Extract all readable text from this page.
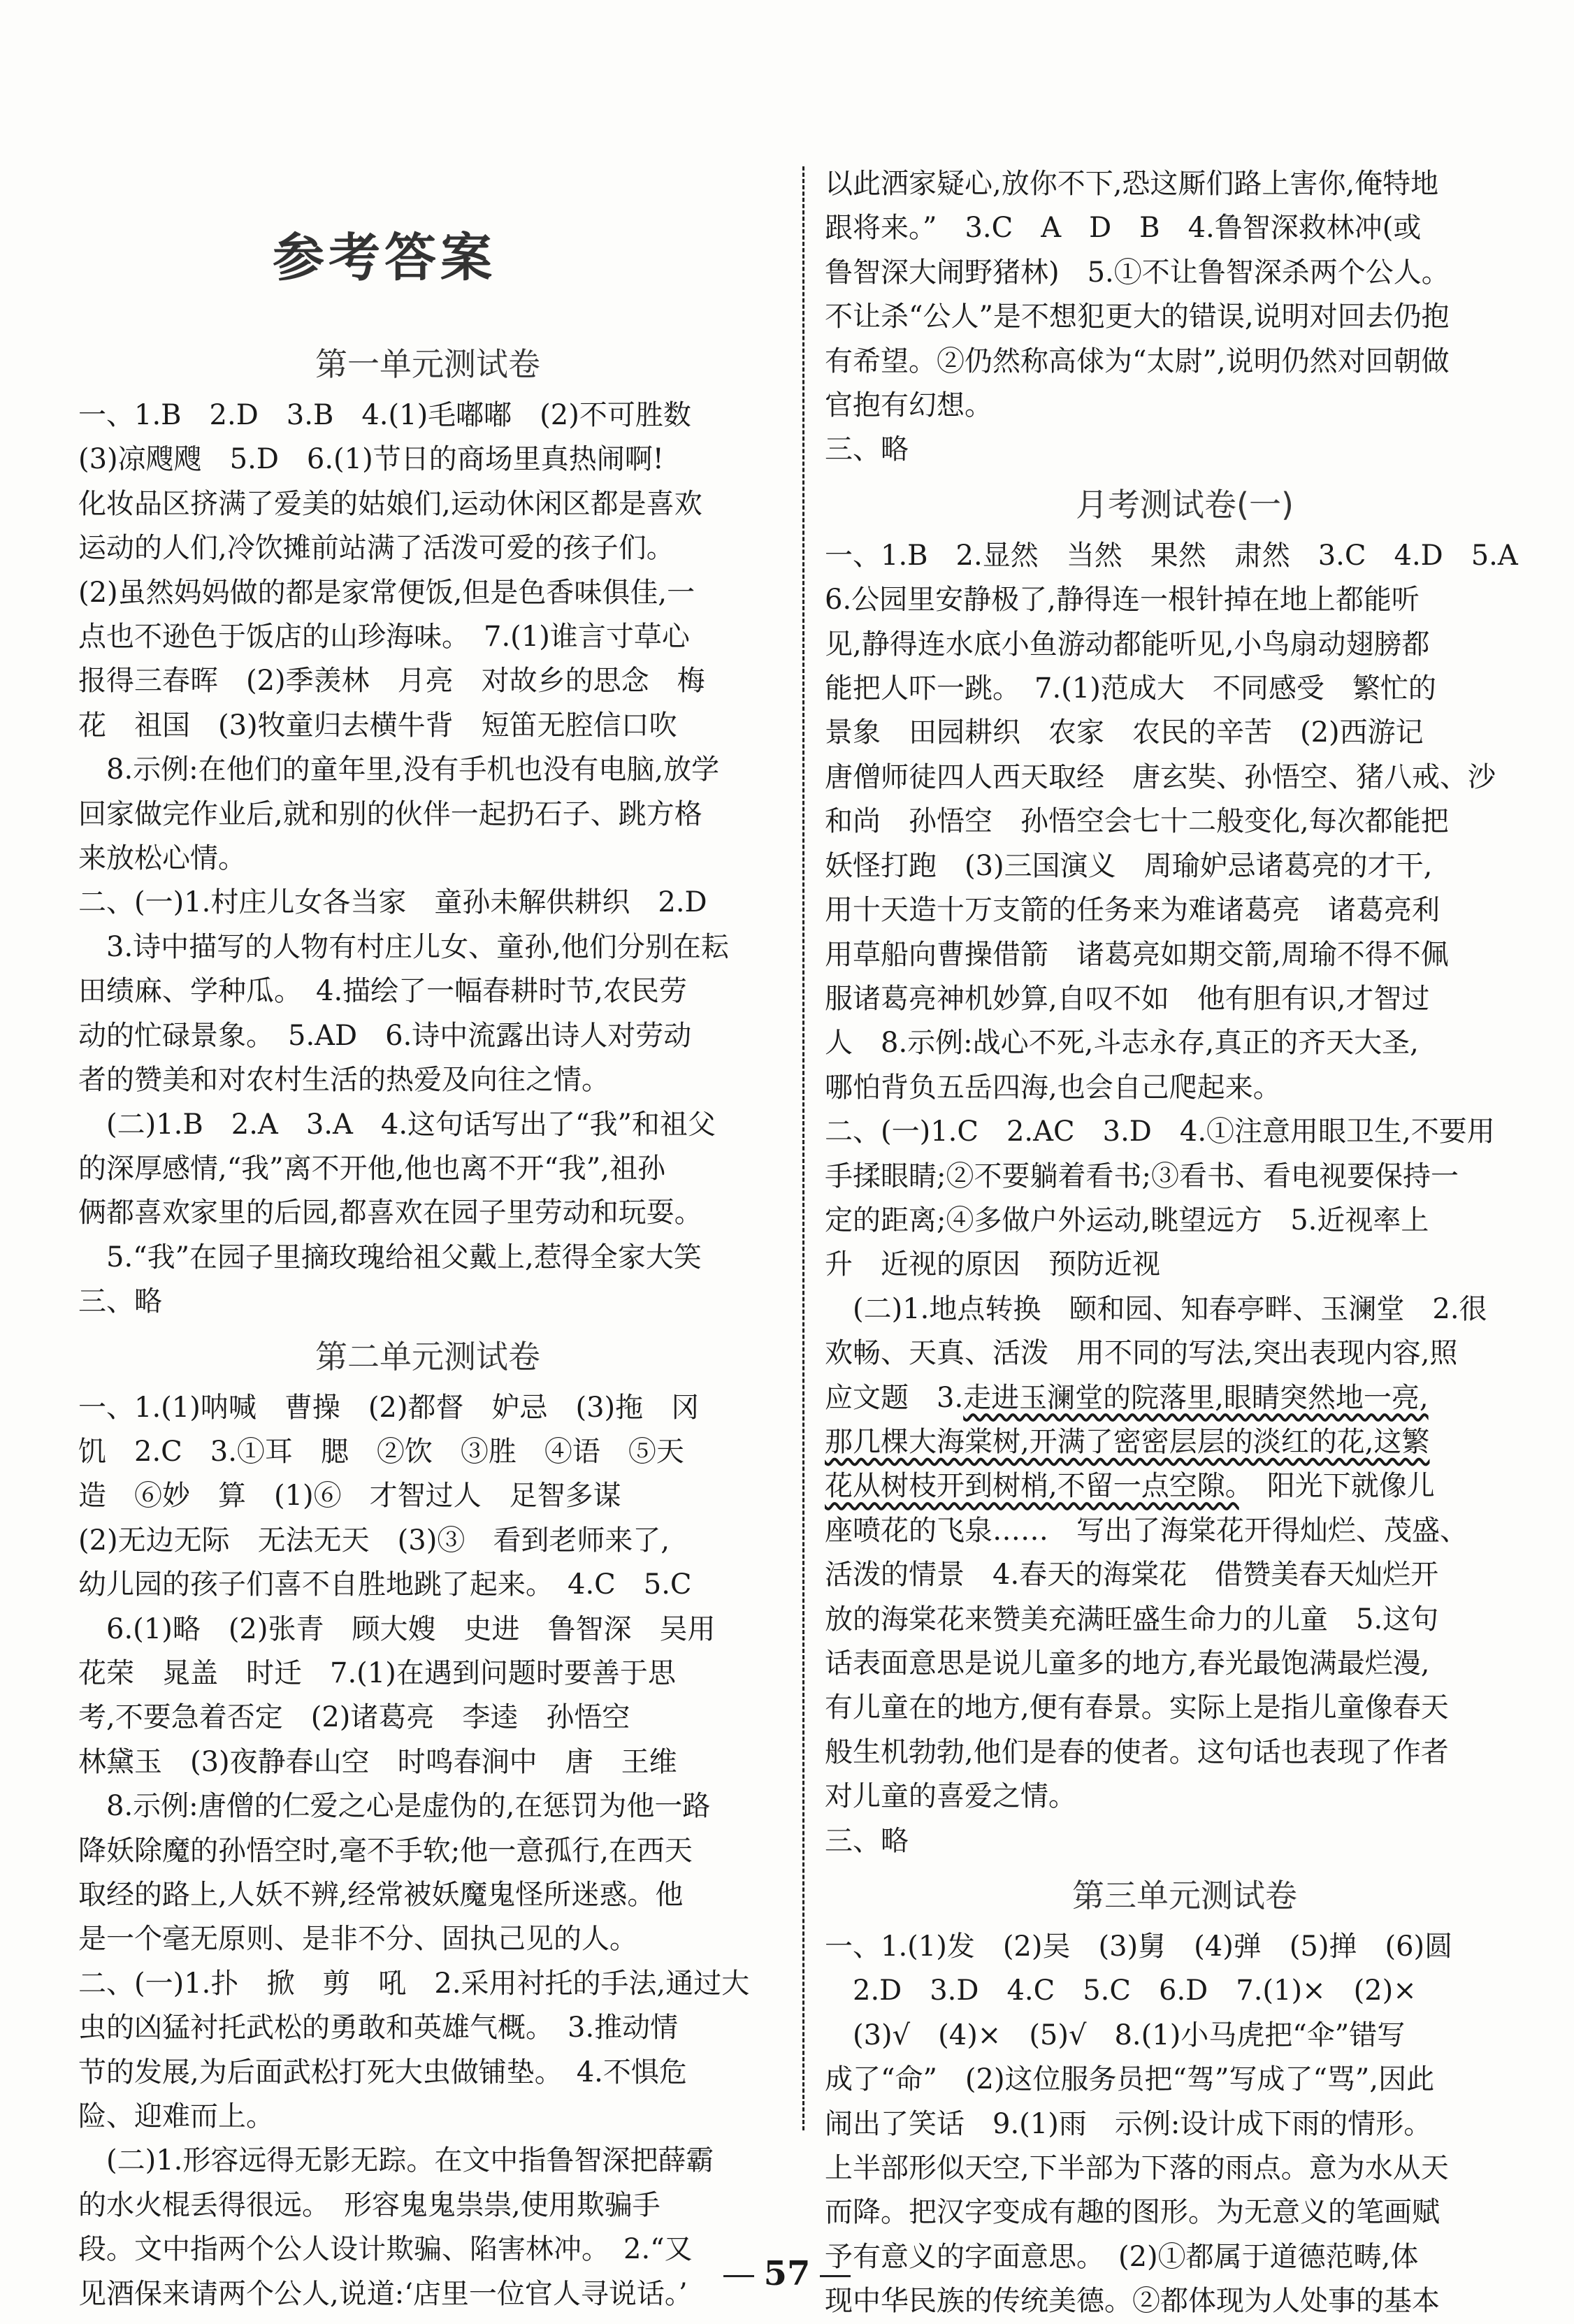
参考答案
第一单元测试卷

一、1.B　2.D　3.B　4.(1)毛嘟嘟　(2)不可胜数

(3)凉飕飕　5.D　6.(1)节日的商场里真热闹啊!

化妆品区挤满了爱美的姑娘们,运动休闲区都是喜欢

运动的人们,冷饮摊前站满了活泼可爱的孩子们。

(2)虽然妈妈做的都是家常便饭,但是色香味俱佳,一

点也不逊色于饭店的山珍海味。　7.(1)谁言寸草心

报得三春晖　(2)季羡林　月亮　对故乡的思念　梅

花　祖国　(3)牧童归去横牛背　短笛无腔信口吹

8.示例:在他们的童年里,没有手机也没有电脑,放学

回家做完作业后,就和别的伙伴一起扔石子、跳方格

来放松心情。

二、(一)1.村庄儿女各当家　童孙未解供耕织　2.D

3.诗中描写的人物有村庄儿女、童孙,他们分别在耘

田绩麻、学种瓜。　4.描绘了一幅春耕时节,农民劳

动的忙碌景象。　5.AD　6.诗中流露出诗人对劳动

者的赞美和对农村生活的热爱及向往之情。

(二)1.B　2.A　3.A　4.这句话写出了“我”和祖父

的深厚感情,“我”离不开他,他也离不开“我”,祖孙

俩都喜欢家里的后园,都喜欢在园子里劳动和玩耍。

5.“我”在园子里摘玫瑰给祖父戴上,惹得全家大笑

三、略

第二单元测试卷

一、1.(1)呐喊　曹操　(2)都督　妒忌　(3)拖　冈

饥　2.C　3.①耳　腮　②饮　③胜　④语　⑤天

造　⑥妙　算　(1)⑥　才智过人　足智多谋

(2)无边无际　无法无天　(3)③　看到老师来了,

幼儿园的孩子们喜不自胜地跳了起来。　4.C　5.C

6.(1)略　(2)张青　顾大嫂　史进　鲁智深　吴用

花荣　晁盖　时迁　7.(1)在遇到问题时要善于思

考,不要急着否定　(2)诸葛亮　李逵　孙悟空

林黛玉　(3)夜静春山空　时鸣春涧中　唐　王维

8.示例:唐僧的仁爱之心是虚伪的,在惩罚为他一路

降妖除魔的孙悟空时,毫不手软;他一意孤行,在西天

取经的路上,人妖不辨,经常被妖魔鬼怪所迷惑。他

是一个毫无原则、是非不分、固执己见的人。

二、(一)1.扑　掀　剪　吼　2.采用衬托的手法,通过大

虫的凶猛衬托武松的勇敢和英雄气概。　3.推动情

节的发展,为后面武松打死大虫做铺垫。　4.不惧危

险、迎难而上。

(二)1.形容远得无影无踪。在文中指鲁智深把薛霸

的水火棍丢得很远。　形容鬼鬼祟祟,使用欺骗手

段。文中指两个公人设计欺骗、陷害林冲。　2.“又

见酒保来请两个公人,说道:‘店里一位官人寻说话。’

以此洒家疑心,放你不下,恐这厮们路上害你,俺特地

跟将来。”　3.C　A　D　B　4.鲁智深救林冲(或

鲁智深大闹野猪林)　5.①不让鲁智深杀两个公人。

不让杀“公人”是不想犯更大的错误,说明对回去仍抱

有希望。②仍然称高俅为“太尉”,说明仍然对回朝做

官抱有幻想。

三、略

月考测试卷(一)

一、1.B　2.显然　当然　果然　肃然　3.C　4.D　5.A

6.公园里安静极了,静得连一根针掉在地上都能听

见,静得连水底小鱼游动都能听见,小鸟扇动翅膀都

能把人吓一跳。　7.(1)范成大　不同感受　繁忙的

景象　田园耕织　农家　农民的辛苦　(2)西游记

唐僧师徒四人西天取经　唐玄奘、孙悟空、猪八戒、沙

和尚　孙悟空　孙悟空会七十二般变化,每次都能把

妖怪打跑　(3)三国演义　周瑜妒忌诸葛亮的才干,

用十天造十万支箭的任务来为难诸葛亮　诸葛亮利

用草船向曹操借箭　诸葛亮如期交箭,周瑜不得不佩

服诸葛亮神机妙算,自叹不如　他有胆有识,才智过

人　8.示例:战心不死,斗志永存,真正的齐天大圣,

哪怕背负五岳四海,也会自己爬起来。

二、(一)1.C　2.AC　3.D　4.①注意用眼卫生,不要用

手揉眼睛;②不要躺着看书;③看书、看电视要保持一

定的距离;④多做户外运动,眺望远方　5.近视率上

升　近视的原因　预防近视

(二)1.地点转换　颐和园、知春亭畔、玉澜堂　2.很

欢畅、天真、活泼　用不同的写法,突出表现内容,照

应文题　3.走进玉澜堂的院落里,眼睛突然地一亮,

那几棵大海棠树,开满了密密层层的淡红的花,这繁

花从树枝开到树梢,不留一点空隙。　阳光下就像儿

座喷花的飞泉……　写出了海棠花开得灿烂、茂盛、

活泼的情景　4.春天的海棠花　借赞美春天灿烂开

放的海棠花来赞美充满旺盛生命力的儿童　5.这句

话表面意思是说儿童多的地方,春光最饱满最烂漫,

有儿童在的地方,便有春景。实际上是指儿童像春天

般生机勃勃,他们是春的使者。这句话也表现了作者

对儿童的喜爱之情。

三、略

第三单元测试卷

一、1.(1)发　(2)吴　(3)舅　(4)弹　(5)掸　(6)圆

2.D　3.D　4.C　5.C　6.D　7.(1)×　(2)×

(3)√　(4)×　(5)√　8.(1)小马虎把“伞”错写

成了“命”　(2)这位服务员把“驾”写成了“骂”,因此

闹出了笑话　9.(1)雨　示例:设计成下雨的情形。

上半部形似天空,下半部为下落的雨点。意为水从天

而降。把汉字变成有趣的图形。为无意义的笔画赋

予有意义的字面意思。　(2)①都属于道德范畴,体

现中华民族的传统美德。②都体现为人处事的基本

57
